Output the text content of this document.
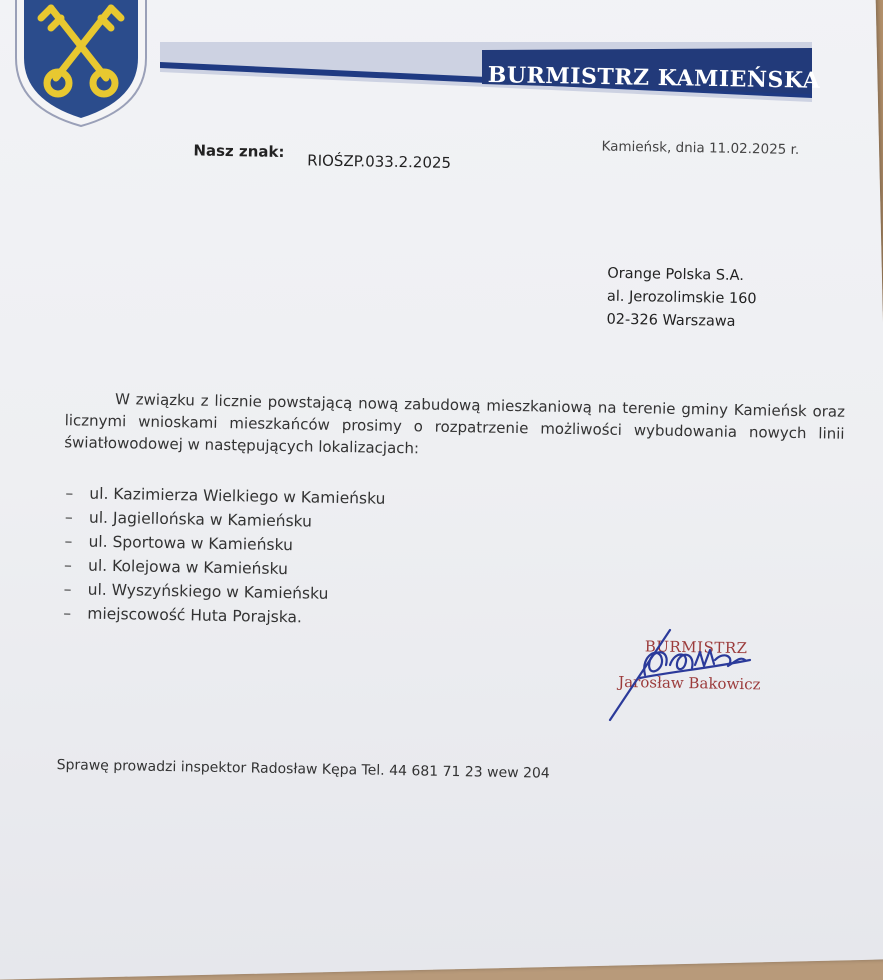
BURMISTRZ KAMIEŃSKA
Nasz znak:
RIOŚZP.033.2.2025
Kamieńsk, dnia 11.02.2025 r.
Orange Polska S.A.
al. Jerozolimskie 160
02-326 Warszawa
W związku z licznie powstającą nową zabudową mieszkaniową na terenie gminy Kamieńsk oraz licznymi wnioskami mieszkańców prosimy o rozpatrzenie możliwości wybudowania nowych linii światłowodowej w następujących lokalizacjach:
– ul. Kazimierza Wielkiego w Kamieńsku
– ul. Jagiellońska w Kamieńsku
– ul. Sportowa w Kamieńsku
– ul. Kolejowa w Kamieńsku
– ul. Wyszyńskiego w Kamieńsku
– miejscowość Huta Porajska.
BURMISTRZ
Jarosław Bakowicz
Sprawę prowadzi inspektor Radosław Kępa Tel. 44 681 71 23 wew 204
